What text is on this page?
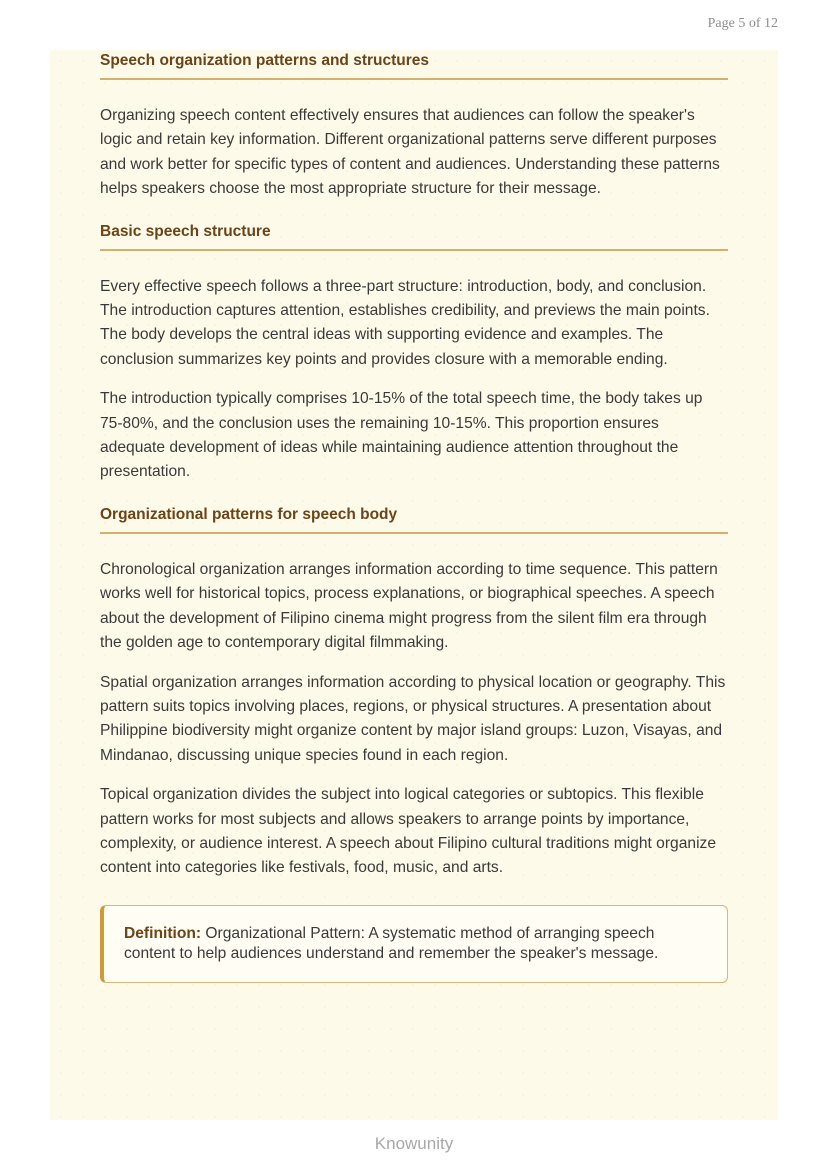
Page 5 of 12
Speech organization patterns and structures

Organizing speech content effectively ensures that audiences can follow the speaker's logic and retain key information. Different organizational patterns serve different purposes and work better for specific types of content and audiences. Understanding these patterns helps speakers choose the most appropriate structure for their message.

Basic speech structure

Every effective speech follows a three-part structure: introduction, body, and conclusion. The introduction captures attention, establishes credibility, and previews the main points. The body develops the central ideas with supporting evidence and examples. The conclusion summarizes key points and provides closure with a memorable ending.

The introduction typically comprises 10-15% of the total speech time, the body takes up 75-80%, and the conclusion uses the remaining 10-15%. This proportion ensures adequate development of ideas while maintaining audience attention throughout the presentation.

Organizational patterns for speech body

Chronological organization arranges information according to time sequence. This pattern works well for historical topics, process explanations, or biographical speeches. A speech about the development of Filipino cinema might progress from the silent film era through the golden age to contemporary digital filmmaking.

Spatial organization arranges information according to physical location or geography. This pattern suits topics involving places, regions, or physical structures. A presentation about Philippine biodiversity might organize content by major island groups: Luzon, Visayas, and Mindanao, discussing unique species found in each region.

Topical organization divides the subject into logical categories or subtopics. This flexible pattern works for most subjects and allows speakers to arrange points by importance, complexity, or audience interest. A speech about Filipino cultural traditions might organize content into categories like festivals, food, music, and arts.

Definition: Organizational Pattern: A systematic method of arranging speech content to help audiences understand and remember the speaker's message.
Knowunity
